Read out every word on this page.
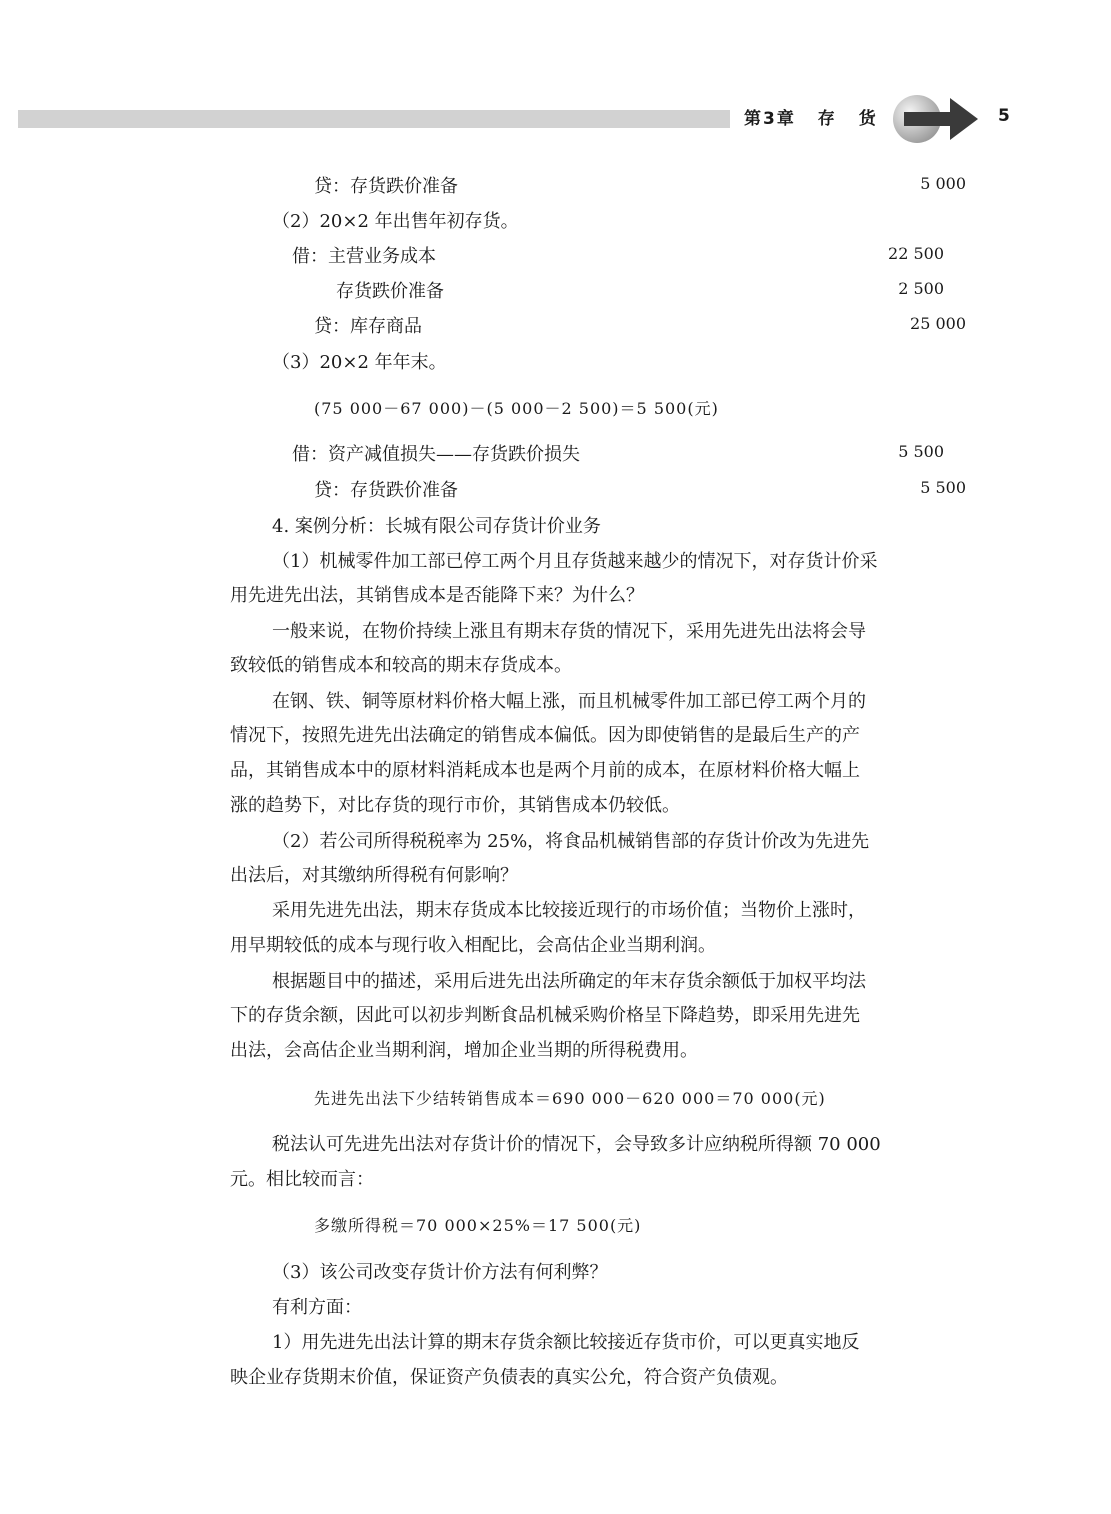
第3章 存 货	5
贷：存货跌价准备	5 000
（2）20×2 年出售年初存货。
借：主营业务成本	22 500
存货跌价准备	2 500
贷：库存商品	25 000
（3）20×2 年年末。
(75 000－67 000)－(5 000－2 500)＝5 500(元)
借：资产减值损失——存货跌价损失	5 500
贷：存货跌价准备	5 500
4. 案例分析：长城有限公司存货计价业务
（1）机械零件加工部已停工两个月且存货越来越少的情况下，对存货计价采
用先进先出法，其销售成本是否能降下来？为什么？
一般来说，在物价持续上涨且有期末存货的情况下，采用先进先出法将会导
致较低的销售成本和较高的期末存货成本。
在钢、铁、铜等原材料价格大幅上涨，而且机械零件加工部已停工两个月的
情况下，按照先进先出法确定的销售成本偏低。因为即使销售的是最后生产的产
品，其销售成本中的原材料消耗成本也是两个月前的成本，在原材料价格大幅上
涨的趋势下，对比存货的现行市价，其销售成本仍较低。
（2）若公司所得税税率为 25%，将食品机械销售部的存货计价改为先进先
出法后，对其缴纳所得税有何影响？
采用先进先出法，期末存货成本比较接近现行的市场价值；当物价上涨时，
用早期较低的成本与现行收入相配比，会高估企业当期利润。
根据题目中的描述，采用后进先出法所确定的年末存货余额低于加权平均法
下的存货余额，因此可以初步判断食品机械采购价格呈下降趋势，即采用先进先
出法，会高估企业当期利润，增加企业当期的所得税费用。
先进先出法下少结转销售成本＝690 000－620 000＝70 000(元)
税法认可先进先出法对存货计价的情况下，会导致多计应纳税所得额 70 000
元。相比较而言：
多缴所得税＝70 000×25%＝17 500(元)
（3）该公司改变存货计价方法有何利弊？
有利方面：
1）用先进先出法计算的期末存货余额比较接近存货市价，可以更真实地反
映企业存货期末价值，保证资产负债表的真实公允，符合资产负债观。
